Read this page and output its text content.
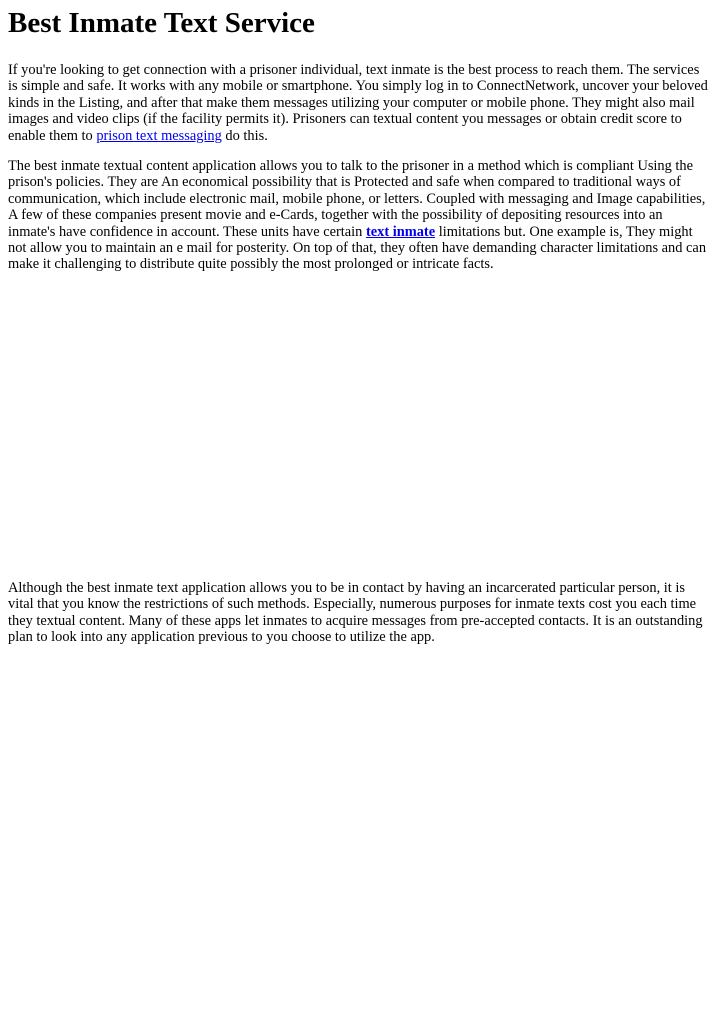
Best Inmate Text Service

If you're looking to get connection with a prisoner individual, text inmate is the best process to reach them. The services is simple and safe. It works with any mobile or smartphone. You simply log in to ConnectNetwork, uncover your beloved kinds in the Listing, and after that make them messages utilizing your computer or mobile phone. They might also mail images and video clips (if the facility permits it). Prisoners can textual content you messages or obtain credit score to enable them to prison text messaging do this.

The best inmate textual content application allows you to talk to the prisoner in a method which is compliant Using the prison's policies. They are An economical possibility that is Protected and safe when compared to traditional ways of communication, which include electronic mail, mobile phone, or letters. Coupled with messaging and Image capabilities, A few of these companies present movie and e-Cards, together with the possibility of depositing resources into an inmate's have confidence in account. These units have certain text inmate limitations but. One example is, They might not allow you to maintain an e mail for posterity. On top of that, they often have demanding character limitations and can make it challenging to distribute quite possibly the most prolonged or intricate facts.

Although the best inmate text application allows you to be in contact by having an incarcerated particular person, it is vital that you know the restrictions of such methods. Especially, numerous purposes for inmate texts cost you each time they textual content. Many of these apps let inmates to acquire messages from pre-accepted contacts. It is an outstanding plan to look into any application previous to you choose to utilize the app.
